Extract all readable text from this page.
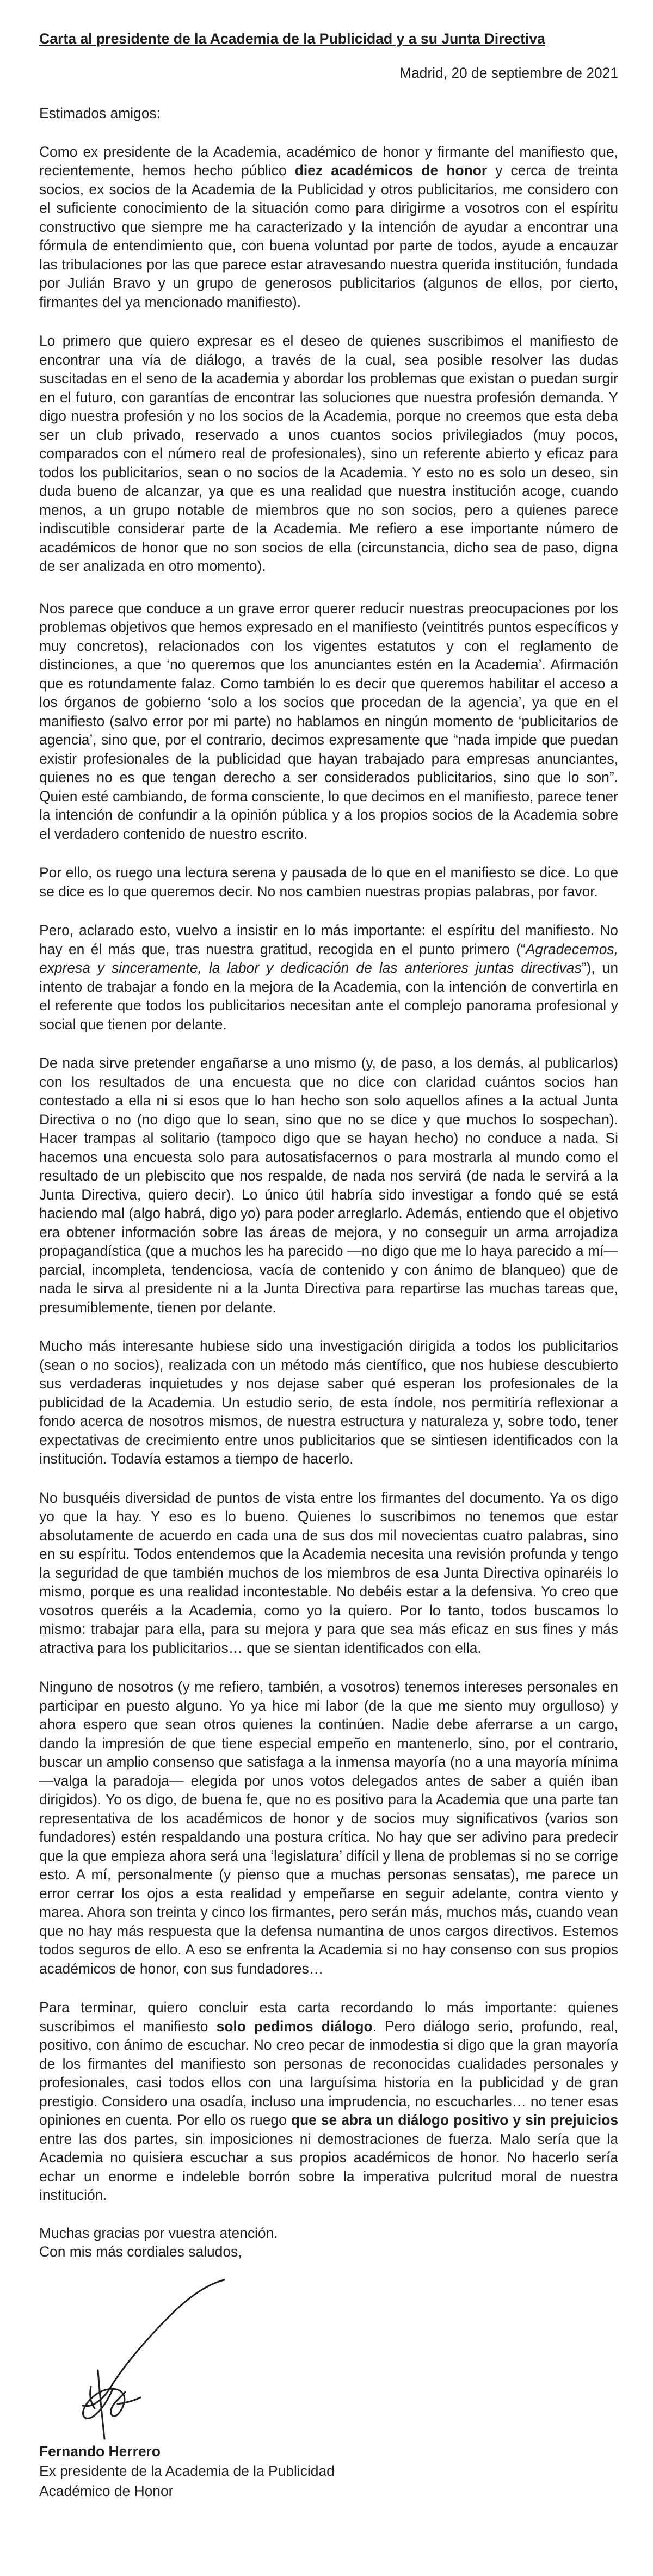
Carta al presidente de la Academia de la Publicidad y a su Junta Directiva

Madrid, 20 de septiembre de 2021

Estimados amigos:

Como ex presidente de la Academia, académico de honor y firmante del manifiesto que, recientemente, hemos hecho público diez académicos de honor y cerca de treinta socios, ex socios de la Academia de la Publicidad y otros publicitarios, me considero con el suficiente conocimiento de la situación como para dirigirme a vosotros con el espíritu constructivo que siempre me ha caracterizado y la intención de ayudar a encontrar una fórmula de entendimiento que, con buena voluntad por parte de todos, ayude a encauzar las tribulaciones por las que parece estar atravesando nuestra querida institución, fundada por Julián Bravo y un grupo de generosos publicitarios (algunos de ellos, por cierto, firmantes del ya mencionado manifiesto).

Lo primero que quiero expresar es el deseo de quienes suscribimos el manifiesto de encontrar una vía de diálogo, a través de la cual, sea posible resolver las dudas suscitadas en el seno de la academia y abordar los problemas que existan o puedan surgir en el futuro, con garantías de encontrar las soluciones que nuestra profesión demanda. Y digo nuestra profesión y no los socios de la Academia, porque no creemos que esta deba ser un club privado, reservado a unos cuantos socios privilegiados (muy pocos, comparados con el número real de profesionales), sino un referente abierto y eficaz para todos los publicitarios, sean o no socios de la Academia. Y esto no es solo un deseo, sin duda bueno de alcanzar, ya que es una realidad que nuestra institución acoge, cuando menos, a un grupo notable de miembros que no son socios, pero a quienes parece indiscutible considerar parte de la Academia. Me refiero a ese importante número de académicos de honor que no son socios de ella (circunstancia, dicho sea de paso, digna de ser analizada en otro momento).

Nos parece que conduce a un grave error querer reducir nuestras preocupaciones por los problemas objetivos que hemos expresado en el manifiesto (veintitrés puntos específicos y muy concretos), relacionados con los vigentes estatutos y con el reglamento de distinciones, a que ‘no queremos que los anunciantes estén en la Academia’. Afirmación que es rotundamente falaz. Como también lo es decir que queremos habilitar el acceso a los órganos de gobierno ‘solo a los socios que procedan de la agencia’, ya que en el manifiesto (salvo error por mi parte) no hablamos en ningún momento de ‘publicitarios de agencia’, sino que, por el contrario, decimos expresamente que “nada impide que puedan existir profesionales de la publicidad que hayan trabajado para empresas anunciantes, quienes no es que tengan derecho a ser considerados publicitarios, sino que lo son”. Quien esté cambiando, de forma consciente, lo que decimos en el manifiesto, parece tener la intención de confundir a la opinión pública y a los propios socios de la Academia sobre el verdadero contenido de nuestro escrito.

Por ello, os ruego una lectura serena y pausada de lo que en el manifiesto se dice. Lo que se dice es lo que queremos decir. No nos cambien nuestras propias palabras, por favor.

Pero, aclarado esto, vuelvo a insistir en lo más importante: el espíritu del manifiesto. No hay en él más que, tras nuestra gratitud, recogida en el punto primero (“Agradecemos, expresa y sinceramente, la labor y dedicación de las anteriores juntas directivas”), un intento de trabajar a fondo en la mejora de la Academia, con la intención de convertirla en el referente que todos los publicitarios necesitan ante el complejo panorama profesional y social que tienen por delante.

De nada sirve pretender engañarse a uno mismo (y, de paso, a los demás, al publicarlos) con los resultados de una encuesta que no dice con claridad cuántos socios han contestado a ella ni si esos que lo han hecho son solo aquellos afines a la actual Junta Directiva o no (no digo que lo sean, sino que no se dice y que muchos lo sospechan). Hacer trampas al solitario (tampoco digo que se hayan hecho) no conduce a nada. Si hacemos una encuesta solo para autosatisfacernos o para mostrarla al mundo como el resultado de un plebiscito que nos respalde, de nada nos servirá (de nada le servirá a la Junta Directiva, quiero decir). Lo único útil habría sido investigar a fondo qué se está haciendo mal (algo habrá, digo yo) para poder arreglarlo. Además, entiendo que el objetivo era obtener información sobre las áreas de mejora, y no conseguir un arma arrojadiza propagandística (que a muchos les ha parecido —no digo que me lo haya parecido a mí— parcial, incompleta, tendenciosa, vacía de contenido y con ánimo de blanqueo) que de nada le sirva al presidente ni a la Junta Directiva para repartirse las muchas tareas que, presumiblemente, tienen por delante.

Mucho más interesante hubiese sido una investigación dirigida a todos los publicitarios (sean o no socios), realizada con un método más científico, que nos hubiese descubierto sus verdaderas inquietudes y nos dejase saber qué esperan los profesionales de la publicidad de la Academia. Un estudio serio, de esta índole, nos permitiría reflexionar a fondo acerca de nosotros mismos, de nuestra estructura y naturaleza y, sobre todo, tener expectativas de crecimiento entre unos publicitarios que se sintiesen identificados con la institución. Todavía estamos a tiempo de hacerlo.

No busquéis diversidad de puntos de vista entre los firmantes del documento. Ya os digo yo que la hay. Y eso es lo bueno. Quienes lo suscribimos no tenemos que estar absolutamente de acuerdo en cada una de sus dos mil novecientas cuatro palabras, sino en su espíritu. Todos entendemos que la Academia necesita una revisión profunda y tengo la seguridad de que también muchos de los miembros de esa Junta Directiva opinaréis lo mismo, porque es una realidad incontestable. No debéis estar a la defensiva. Yo creo que vosotros queréis a la Academia, como yo la quiero. Por lo tanto, todos buscamos lo mismo: trabajar para ella, para su mejora y para que sea más eficaz en sus fines y más atractiva para los publicitarios… que se sientan identificados con ella.

Ninguno de nosotros (y me refiero, también, a vosotros) tenemos intereses personales en participar en puesto alguno. Yo ya hice mi labor (de la que me siento muy orgulloso) y ahora espero que sean otros quienes la continúen. Nadie debe aferrarse a un cargo, dando la impresión de que tiene especial empeño en mantenerlo, sino, por el contrario, buscar un amplio consenso que satisfaga a la inmensa mayoría (no a una mayoría mínima —valga la paradoja— elegida por unos votos delegados antes de saber a quién iban dirigidos). Yo os digo, de buena fe, que no es positivo para la Academia que una parte tan representativa de los académicos de honor y de socios muy significativos (varios son fundadores) estén respaldando una postura crítica. No hay que ser adivino para predecir que la que empieza ahora será una ‘legislatura’ difícil y llena de problemas si no se corrige esto. A mí, personalmente (y pienso que a muchas personas sensatas), me parece un error cerrar los ojos a esta realidad y empeñarse en seguir adelante, contra viento y marea. Ahora son treinta y cinco los firmantes, pero serán más, muchos más, cuando vean que no hay más respuesta que la defensa numantina de unos cargos directivos. Estemos todos seguros de ello. A eso se enfrenta la Academia si no hay consenso con sus propios académicos de honor, con sus fundadores…

Para terminar, quiero concluir esta carta recordando lo más importante: quienes suscribimos el manifiesto solo pedimos diálogo. Pero diálogo serio, profundo, real, positivo, con ánimo de escuchar. No creo pecar de inmodestia si digo que la gran mayoría de los firmantes del manifiesto son personas de reconocidas cualidades personales y profesionales, casi todos ellos con una larguísima historia en la publicidad y de gran prestigio. Considero una osadía, incluso una imprudencia, no escucharles… no tener esas opiniones en cuenta. Por ello os ruego que se abra un diálogo positivo y sin prejuicios entre las dos partes, sin imposiciones ni demostraciones de fuerza. Malo sería que la Academia no quisiera escuchar a sus propios académicos de honor. No hacerlo sería echar un enorme e indeleble borrón sobre la imperativa pulcritud moral de nuestra institución.

Muchas gracias por vuestra atención.

Con mis más cordiales saludos,

Fernando Herrero

Ex presidente de la Academia de la Publicidad

Académico de Honor
